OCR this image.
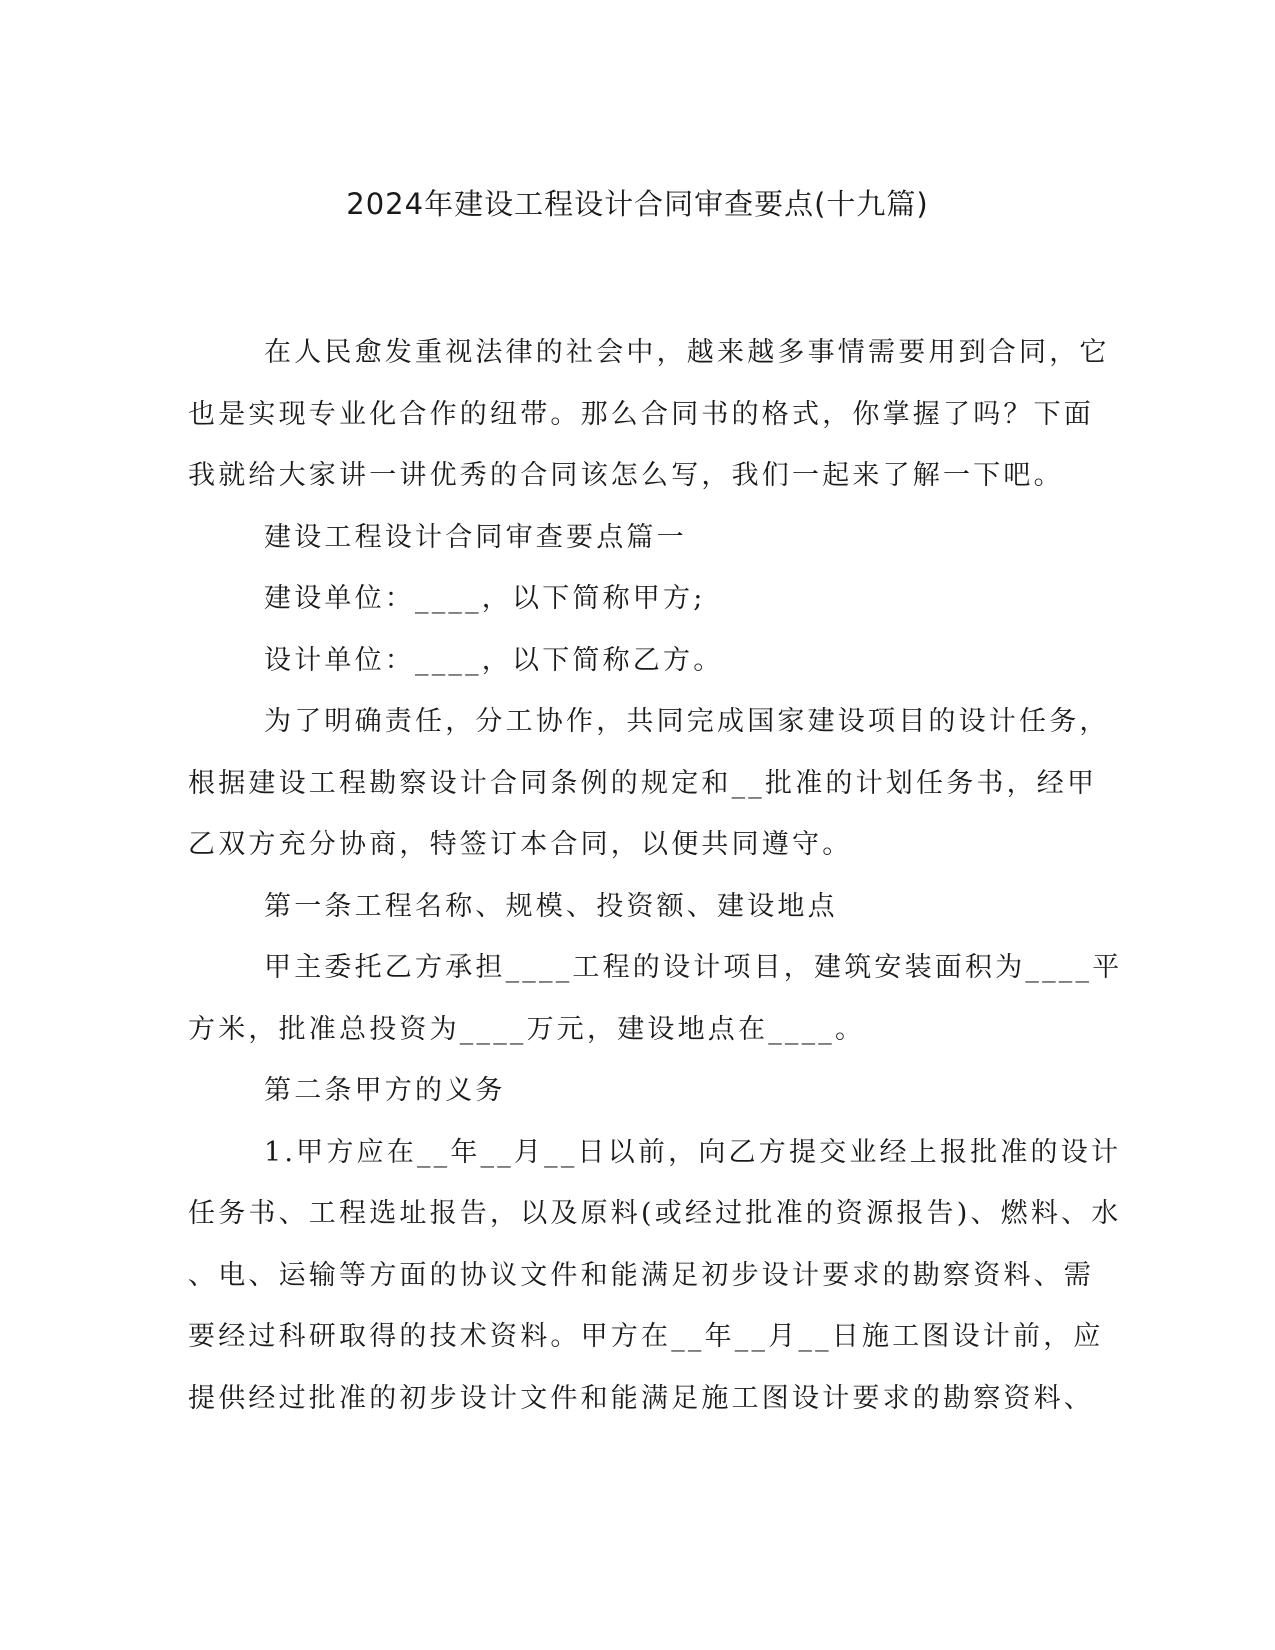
2024年建设工程设计合同审查要点(十九篇)

在人民愈发重视法律的社会中，越来越多事情需要用到合同，它

也是实现专业化合作的纽带。那么合同书的格式，你掌握了吗？下面

我就给大家讲一讲优秀的合同该怎么写，我们一起来了解一下吧。

建设工程设计合同审查要点篇一

建设单位：____，以下简称甲方;

设计单位：____，以下简称乙方。

为了明确责任，分工协作，共同完成国家建设项目的设计任务，

根据建设工程勘察设计合同条例的规定和__批准的计划任务书，经甲

乙双方充分协商，特签订本合同，以便共同遵守。

第一条工程名称、规模、投资额、建设地点

甲主委托乙方承担____工程的设计项目，建筑安装面积为____平

方米，批准总投资为____万元，建设地点在____。

第二条甲方的义务

1.甲方应在__年__月__日以前，向乙方提交业经上报批准的设计

任务书、工程选址报告，以及原料(或经过批准的资源报告)、燃料、水

、电、运输等方面的协议文件和能满足初步设计要求的勘察资料、需

要经过科研取得的技术资料。甲方在__年__月__日施工图设计前，应

提供经过批准的初步设计文件和能满足施工图设计要求的勘察资料、
